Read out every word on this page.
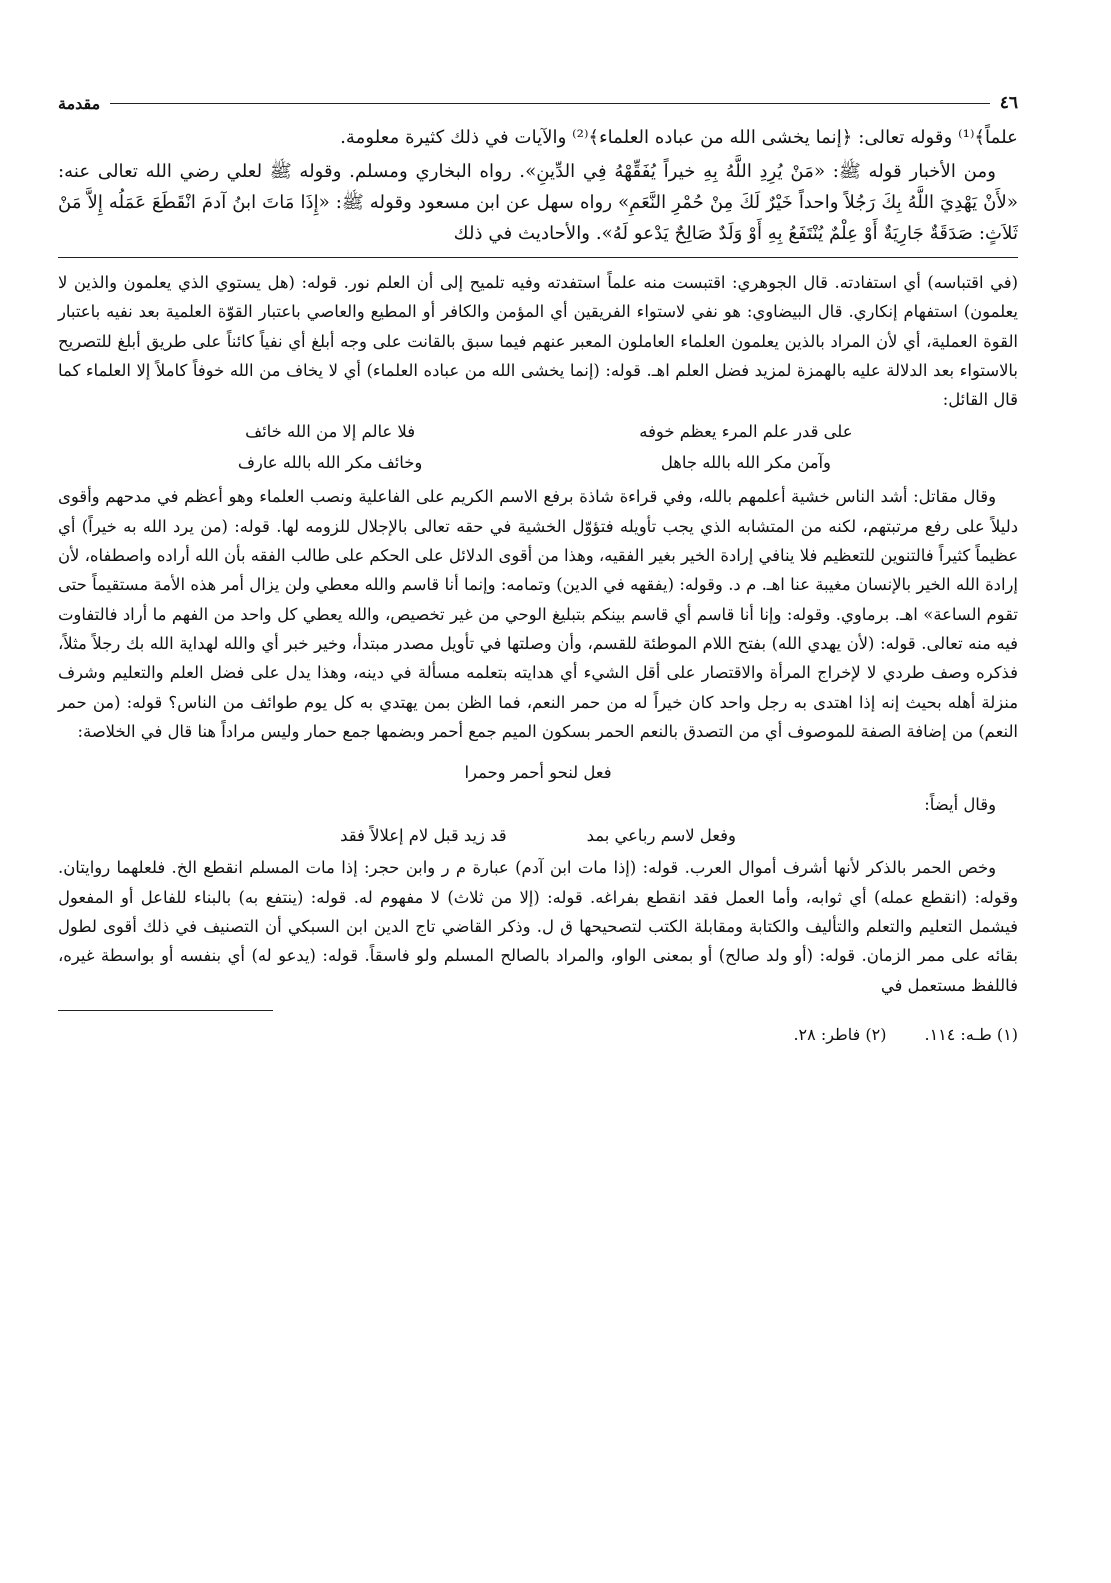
٤٦
مقدمة

علماً﴾⁽¹⁾ وقوله تعالى: ﴿إنما يخشى الله من عباده العلماء﴾⁽²⁾ والآيات في ذلك كثيرة معلومة.

ومن الأخبار قوله ﷺ: «مَنْ يُرِدِ اللَّهُ بِهِ خيراً يُفَقِّهْهُ فِي الدِّينِ». رواه البخاري ومسلم. وقوله ﷺ لعلي رضي الله تعالى عنه: «لأَنْ يَهْدِيَ اللَّهُ بِكَ رَجُلاً واحداً خَيْرٌ لَكَ مِنْ حُمْرِ النَّعَمِ» رواه سهل عن ابن مسعود وقوله ﷺ: «إِذَا مَاتَ ابنُ آدمَ انْقَطَعَ عَمَلُه إِلاَّ مَنْ ثَلاَثٍ: صَدَقَةٌ جَارِيَةٌ أَوْ عِلْمٌ يُنْتَفَعُ بِهِ أَوْ وَلَدٌ صَالِحٌ يَدْعو لَهُ». والأحاديث في ذلك

(في اقتباسه) أي استفادته. قال الجوهري: اقتبست منه علماً استفدته وفيه تلميح إلى أن العلم نور. قوله: (هل يستوي الذي يعلمون والذين لا يعلمون) استفهام إنكاري. قال البيضاوي: هو نفي لاستواء الفريقين أي المؤمن والكافر أو المطيع والعاصي باعتبار القوّة العلمية بعد نفيه باعتبار القوة العملية، أي لأن المراد بالذين يعلمون العلماء العاملون المعبر عنهم فيما سبق بالقانت على وجه أبلغ أي نفياً كائناً على طريق أبلغ للتصريح بالاستواء بعد الدلالة عليه بالهمزة لمزيد فضل العلم اهـ. قوله: (إنما يخشى الله من عباده العلماء) أي لا يخاف من الله خوفاً كاملاً إلا العلماء كما قال القائل:

على قدر علم المرء يعظم خوفه
فلا عالم إلا من الله خائف
وآمن مكر الله بالله جاهل
وخائف مكر الله بالله عارف

وقال مقاتل: أشد الناس خشية أعلمهم بالله، وفي قراءة شاذة برفع الاسم الكريم على الفاعلية ونصب العلماء وهو أعظم في مدحهم وأقوى دليلاً على رفع مرتبتهم، لكنه من المتشابه الذي يجب تأويله فتؤوّل الخشية في حقه تعالى بالإجلال للزومه لها. قوله: (من يرد الله به خيراً) أي عظيماً كثيراً فالتنوين للتعظيم فلا ينافي إرادة الخير بغير الفقيه، وهذا من أقوى الدلائل على الحكم على طالب الفقه بأن الله أراده واصطفاه، لأن إرادة الله الخير بالإنسان مغيبة عنا اهـ. م د. وقوله: (يفقهه في الدين) وتمامه: وإنما أنا قاسم والله معطي ولن يزال أمر هذه الأمة مستقيماً حتى تقوم الساعة» اهـ. برماوي. وقوله: وإنا أنا قاسم أي قاسم بينكم بتبليغ الوحي من غير تخصيص، والله يعطي كل واحد من الفهم ما أراد فالتفاوت فيه منه تعالى. قوله: (لأن يهدي الله) بفتح اللام الموطئة للقسم، وأن وصلتها في تأويل مصدر مبتدأ، وخير خبر أي والله لهداية الله بك رجلاً مثلاً، فذكره وصف طردي لا لإخراج المرأة والاقتصار على أقل الشيء أي هدايته بتعلمه مسألة في دينه، وهذا يدل على فضل العلم والتعليم وشرف منزلة أهله بحيث إنه إذا اهتدى به رجل واحد كان خيراً له من حمر النعم، فما الظن بمن يهتدي به كل يوم طوائف من الناس؟ قوله: (من حمر النعم) من إضافة الصفة للموصوف أي من التصدق بالنعم الحمر بسكون الميم جمع أحمر وبضمها جمع حمار وليس مراداً هنا قال في الخلاصة:

فعل لنحو أحمر وحمرا

وقال أيضاً:

وفعل لاسم رباعي بمد
قد زيد قبل لام إعلالاً فقد

وخص الحمر بالذكر لأنها أشرف أموال العرب. قوله: (إذا مات ابن آدم) عبارة م ر وابن حجر: إذا مات المسلم انقطع الخ. فلعلهما روايتان. وقوله: (انقطع عمله) أي ثوابه، وأما العمل فقد انقطع بفراغه. قوله: (إلا من ثلاث) لا مفهوم له. قوله: (ينتفع به) بالبناء للفاعل أو المفعول فيشمل التعليم والتعلم والتأليف والكتابة ومقابلة الكتب لتصحيحها ق ل. وذكر القاضي تاج الدين ابن السبكي أن التصنيف في ذلك أقوى لطول بقائه على ممر الزمان. قوله: (أو ولد صالح) أو بمعنى الواو، والمراد بالصالح المسلم ولو فاسقاً. قوله: (يدعو له) أي بنفسه أو بواسطة غيره، فاللفظ مستعمل في

(١) طـه: ١١٤.
(٢) فاطر: ٢٨.
